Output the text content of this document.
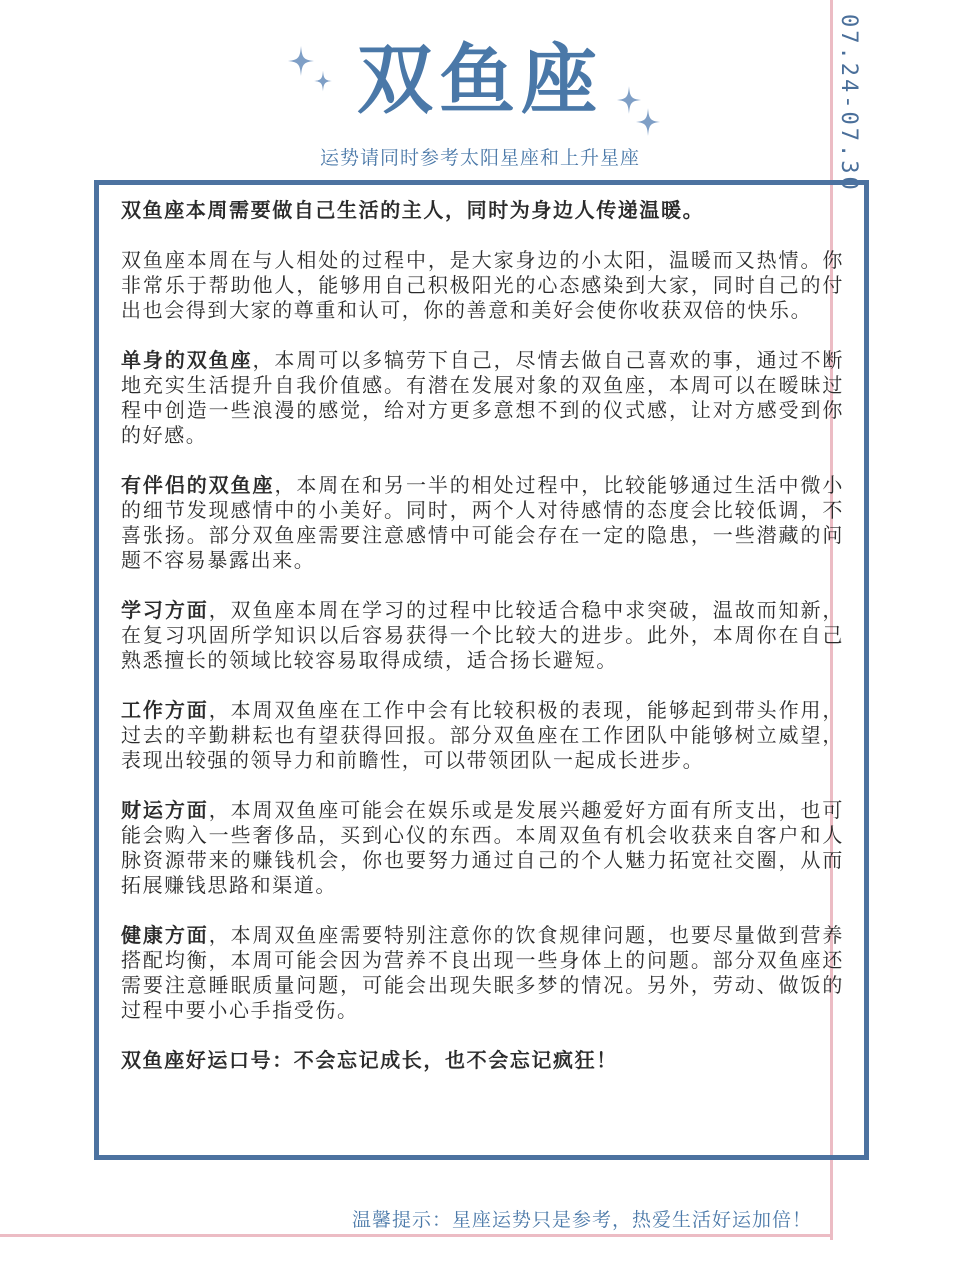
07.24-07.30
双鱼座
运势请同时参考太阳星座和上升星座

双鱼座本周需要做自己生活的主人，同时为身边人传递温暖。

双鱼座本周在与人相处的过程中，是大家身边的小太阳，温暖而又热情。你非常乐于帮助他人，能够用自己积极阳光的心态感染到大家，同时自己的付出也会得到大家的尊重和认可，你的善意和美好会使你收获双倍的快乐。

单身的双鱼座，本周可以多犒劳下自己，尽情去做自己喜欢的事，通过不断地充实生活提升自我价值感。有潜在发展对象的双鱼座，本周可以在暧昧过程中创造一些浪漫的感觉，给对方更多意想不到的仪式感，让对方感受到你的好感。

有伴侣的双鱼座，本周在和另一半的相处过程中，比较能够通过生活中微小的细节发现感情中的小美好。同时，两个人对待感情的态度会比较低调，不喜张扬。部分双鱼座需要注意感情中可能会存在一定的隐患，一些潜藏的问题不容易暴露出来。

学习方面，双鱼座本周在学习的过程中比较适合稳中求突破，温故而知新，在复习巩固所学知识以后容易获得一个比较大的进步。此外，本周你在自己熟悉擅长的领域比较容易取得成绩，适合扬长避短。

工作方面，本周双鱼座在工作中会有比较积极的表现，能够起到带头作用，过去的辛勤耕耘也有望获得回报。部分双鱼座在工作团队中能够树立威望，表现出较强的领导力和前瞻性，可以带领团队一起成长进步。

财运方面，本周双鱼座可能会在娱乐或是发展兴趣爱好方面有所支出，也可能会购入一些奢侈品，买到心仪的东西。本周双鱼有机会收获来自客户和人脉资源带来的赚钱机会，你也要努力通过自己的个人魅力拓宽社交圈，从而拓展赚钱思路和渠道。

健康方面，本周双鱼座需要特别注意你的饮食规律问题，也要尽量做到营养搭配均衡，本周可能会因为营养不良出现一些身体上的问题。部分双鱼座还需要注意睡眠质量问题，可能会出现失眠多梦的情况。另外，劳动、做饭的过程中要小心手指受伤。

双鱼座好运口号：不会忘记成长，也不会忘记疯狂！

温馨提示：星座运势只是参考，热爱生活好运加倍！
